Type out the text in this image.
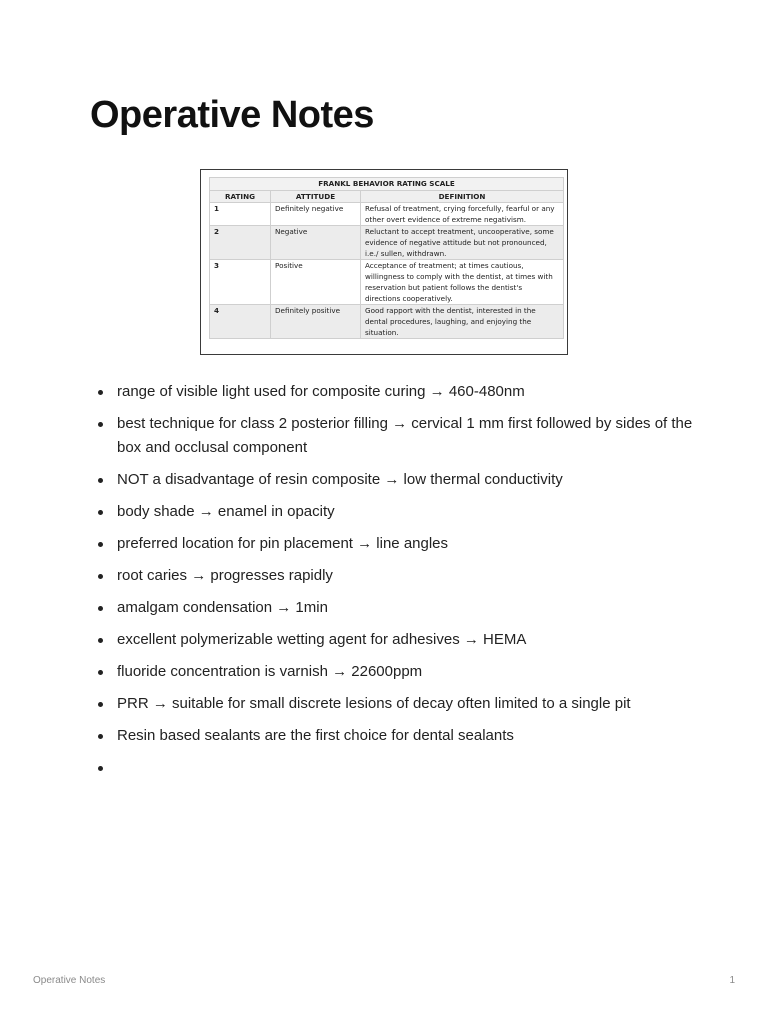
Operative Notes
FRANKL BEHAVIOR RATING SCALE		
RATING	ATTITUDE	DEFINITION
1	Definitely negative	Refusal of treatment, crying forcefully, fearful or any other overt evidence of extreme negativism.
2	Negative	Reluctant to accept treatment, uncooperative, some evidence of negative attitude but not pronounced, i.e./ sullen, withdrawn.
3	Positive	Acceptance of treatment; at times cautious, willingness to comply with the dentist, at times with reservation but patient follows the dentist's directions cooperatively.
4	Definitely positive	Good rapport with the dentist, interested in the dental procedures, laughing, and enjoying the situation.
range of visible light used for composite curing → 460-480nm
best technique for class 2 posterior filling → cervical 1 mm first followed by sides of the box and occlusal component
NOT a disadvantage of resin composite → low thermal conductivity
body shade → enamel in opacity
preferred location for pin placement → line angles
root caries → progresses rapidly
amalgam condensation → 1min
excellent polymerizable wetting agent for adhesives → HEMA
fluoride concentration is varnish → 22600ppm
PRR → suitable for small discrete lesions of decay often limited to a single pit
Resin based sealants are the first choice for dental sealants
Operative Notes	1
